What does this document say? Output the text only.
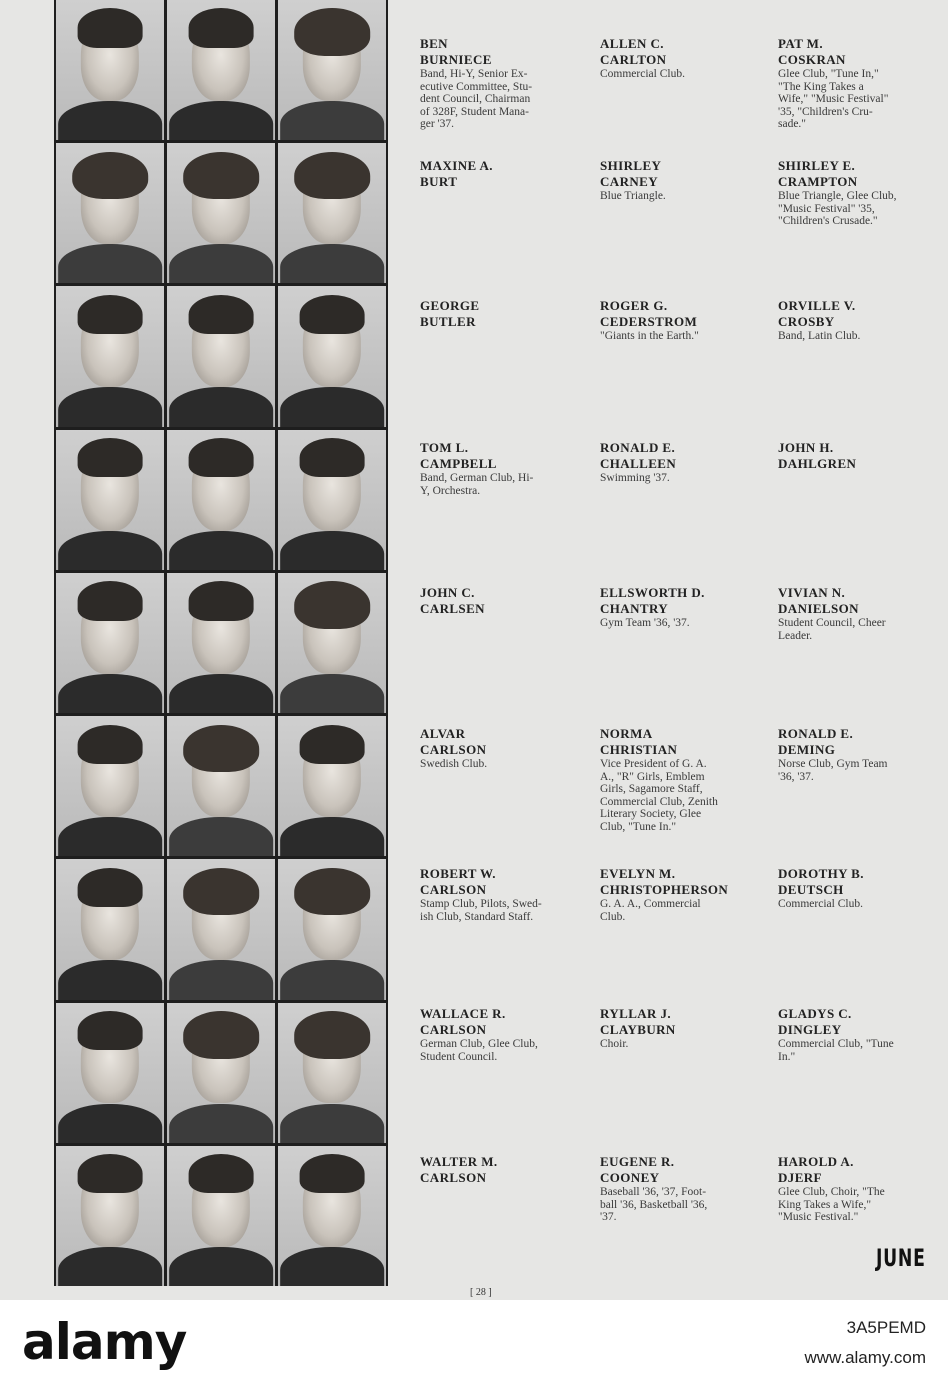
BEN
BURNIECE
Band, Hi-Y, Senior Ex-
ecutive Committee, Stu-
dent Council, Chairman
of 328F, Student Mana-
ger '37.
ALLEN C.
CARLTON
Commercial Club.
PAT M.
COSKRAN
Glee Club, "Tune In,"
"The King Takes a
Wife," "Music Festival"
'35, "Children's Cru-
sade."
MAXINE A.
BURT
SHIRLEY
CARNEY
Blue Triangle.
SHIRLEY E.
CRAMPTON
Blue Triangle, Glee Club,
"Music Festival" '35,
"Children's Crusade."
GEORGE
BUTLER
ROGER G.
CEDERSTROM
"Giants in the Earth."
ORVILLE V.
CROSBY
Band, Latin Club.
TOM L.
CAMPBELL
Band, German Club, Hi-
Y, Orchestra.
RONALD E.
CHALLEEN
Swimming '37.
JOHN H.
DAHLGREN
JOHN C.
CARLSEN
ELLSWORTH D.
CHANTRY
Gym Team '36, '37.
VIVIAN N.
DANIELSON
Student Council, Cheer
Leader.
ALVAR
CARLSON
Swedish Club.
NORMA
CHRISTIAN
Vice President of G. A.
A., "R" Girls, Emblem
Girls, Sagamore Staff,
Commercial Club, Zenith
Literary Society, Glee
Club, "Tune In."
RONALD E.
DEMING
Norse Club, Gym Team
'36, '37.
ROBERT W.
CARLSON
Stamp Club, Pilots, Swed-
ish Club, Standard Staff.
EVELYN M.
CHRISTOPHERSON
G. A. A., Commercial
Club.
DOROTHY B.
DEUTSCH
Commercial Club.
WALLACE R.
CARLSON
German Club, Glee Club,
Student Council.
RYLLAR J.
CLAYBURN
Choir.
GLADYS C.
DINGLEY
Commercial Club, "Tune
In."
WALTER M.
CARLSON
EUGENE R.
COONEY
Baseball '36, '37, Foot-
ball '36, Basketball '36,
'37.
HAROLD A.
DJERF
Glee Club, Choir, "The
King Takes a Wife,"
"Music Festival."
JUNE
[ 28 ]
alamy	3A5PEMD
www.alamy.com
